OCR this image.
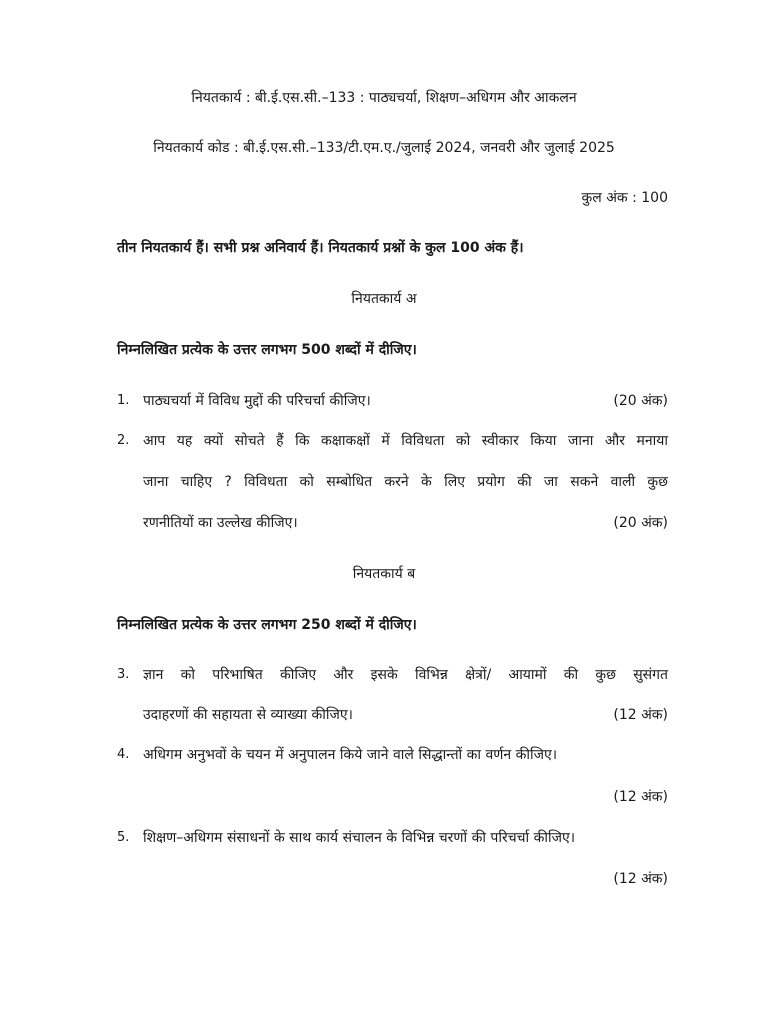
नियतकार्य : बी.ई.एस.सी.–133 : पाठ्यचर्या, शिक्षण–अधिगम और आकलन
नियतकार्य कोड : बी.ई.एस.सी.–133/टी.एम.ए./जुलाई 2024, जनवरी और जुलाई 2025
कुल अंक : 100
तीन नियतकार्य हैं। सभी प्रश्न अनिवार्य हैं। नियतकार्य प्रश्नों के कुल 100 अंक हैं।
नियतकार्य अ
निम्नलिखित प्रत्येक के उत्तर लगभग 500 शब्दों में दीजिए।
1. पाठ्यचर्या में विविध मुद्दों की परिचर्चा कीजिए।	(20 अंक)
2. आप यह क्यों सोचते हैं कि कक्षाकक्षों में विविधता को स्वीकार किया जाना और मनाया
जाना चाहिए ? विविधता को सम्बोधित करने के लिए प्रयोग की जा सकने वाली कुछ
रणनीतियों का उल्लेख कीजिए।	(20 अंक)
नियतकार्य ब
निम्नलिखित प्रत्येक के उत्तर लगभग 250 शब्दों में दीजिए।
3. ज्ञान को परिभाषित कीजिए और इसके विभिन्न क्षेत्रों/ आयामों की कुछ सुसंगत
उदाहरणों की सहायता से व्याख्या कीजिए।	(12 अंक)
4. अधिगम अनुभवों के चयन में अनुपालन किये जाने वाले सिद्धान्तों का वर्णन कीजिए।
(12 अंक)
5. शिक्षण–अधिगम संसाधनों के साथ कार्य संचालन के विभिन्न चरणों की परिचर्चा कीजिए।
(12 अंक)
